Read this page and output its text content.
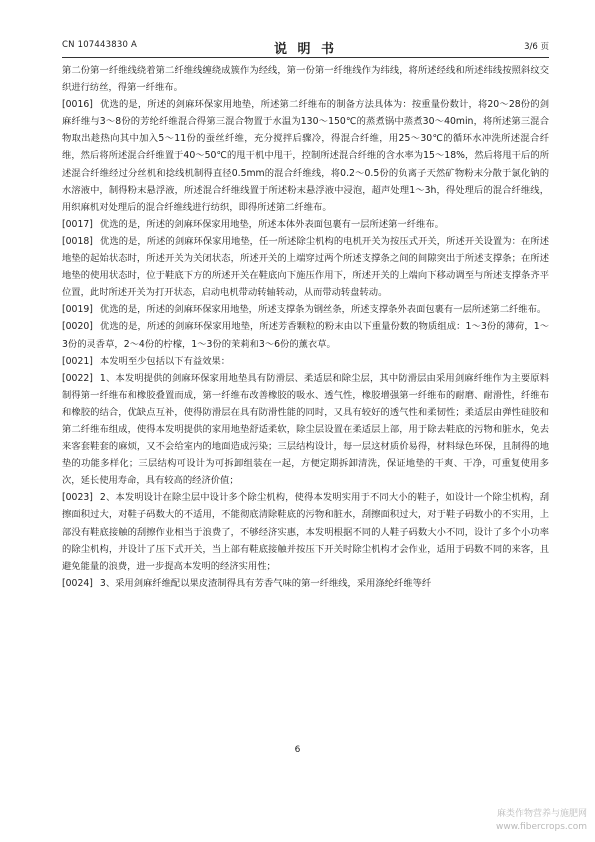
CN 107443830 A	说 明 书	3/6 页

第二份第一纤维线绕着第二纤维线缠绕成簇作为经线，第一份第一纤维线作为纬线，将所述经线和所述纬线按照斜纹交织进行纺丝，得第一纤维布。

[0016] 优选的是，所述的剑麻环保家用地垫，所述第二纤维布的制备方法具体为：按重量份数计，将20～28份的剑麻纤维与3～8份的芳纶纤维混合得第三混合物置于水温为130～150℃的蒸煮锅中蒸煮30～40min，将所述第三混合物取出趁热向其中加入5～11份的蚕丝纤维，充分搅拌后骤冷，得混合纤维，用25～30℃的循环水冲洗所述混合纤维，然后将所述混合纤维置于40～50℃的甩干机中甩干，控制所述混合纤维的含水率为15～18%，然后将甩干后的所述混合纤维经过分丝机和捻线机制得直径0.5mm的混合纤维线，将0.2～0.5份的负离子天然矿物粉末分散于氯化钠的水溶液中，制得粉末悬浮液，所述混合纤维线置于所述粉末悬浮液中浸泡，超声处理1～3h，得处理后的混合纤维线，用织麻机对处理后的混合纤维线进行纺织，即得所述第二纤维布。

[0017] 优选的是，所述的剑麻环保家用地垫，所述本体外表面包裹有一层所述第一纤维布。

[0018] 优选的是，所述的剑麻环保家用地垫，任一所述除尘机构的电机开关为按压式开关，所述开关设置为：在所述地垫的起始状态时，所述开关为关闭状态，所述开关的上端穿过两个所述支撑条之间的间隙突出于所述支撑条；在所述地垫的使用状态时，位于鞋底下方的所述开关在鞋底向下施压作用下，所述开关的上端向下移动调至与所述支撑条齐平位置，此时所述开关为打开状态，启动电机带动转轴转动，从而带动转盘转动。

[0019] 优选的是，所述的剑麻环保家用地垫，所述支撑条为钢丝条，所述支撑条外表面包裹有一层所述第二纤维布。

[0020] 优选的是，所述的剑麻环保家用地垫，所述芳香颗粒的粉末由以下重量份数的物质组成：1～3份的薄荷，1～3份的灵香草，2～4份的柠檬，1～3份的茉莉和3～6份的薰衣草。

[0021] 本发明至少包括以下有益效果：

[0022] 1、本发明提供的剑麻环保家用地垫具有防滑层、柔适层和除尘层，其中防滑层由采用剑麻纤维作为主要原料制得第一纤维布和橡胶叠置而成，第一纤维布改善橡胶的吸水、透气性，橡胶增强第一纤维布的耐磨、耐滑性，纤维布和橡胶的结合，优缺点互补，使得防滑层在具有防滑性能的同时，又具有较好的透气性和柔韧性；柔适层由弹性硅胶和第二纤维布组成，使得本发明提供的家用地垫舒适柔软，除尘层设置在柔适层上部，用于除去鞋底的污物和脏水，免去来客套鞋套的麻烦，又不会给室内的地面造成污染；三层结构设计，每一层这材质价易得，材料绿色环保，且制得的地垫的功能多样化；三层结构可设计为可拆卸组装在一起，方便定期拆卸清洗，保证地垫的干爽、干净，可重复使用多次，延长使用寿命，具有较高的经济价值；

[0023] 2、本发明设计在除尘层中设计多个除尘机构，使得本发明实用于不同大小的鞋子，如设计一个除尘机构，刮擦面积过大，对鞋子码数大的不适用，不能彻底清除鞋底的污物和脏水，刮擦面积过大，对于鞋子码数小的不实用，上部没有鞋底接触的刮擦作业相当于浪费了，不够经济实惠，本发明根据不同的人鞋子码数大小不同，设计了多个小功率的除尘机构，并设计了压下式开关，当上部有鞋底接触并按压下开关时除尘机构才会作业，适用于码数不同的来客，且避免能量的浪费，进一步提高本发明的经济实用性；

[0024] 3、采用剑麻纤维配以果皮渣制得具有芳香气味的第一纤维线，采用涤纶纤维等纤

6
麻类作物营养与施肥网
www.fibercrops.com
